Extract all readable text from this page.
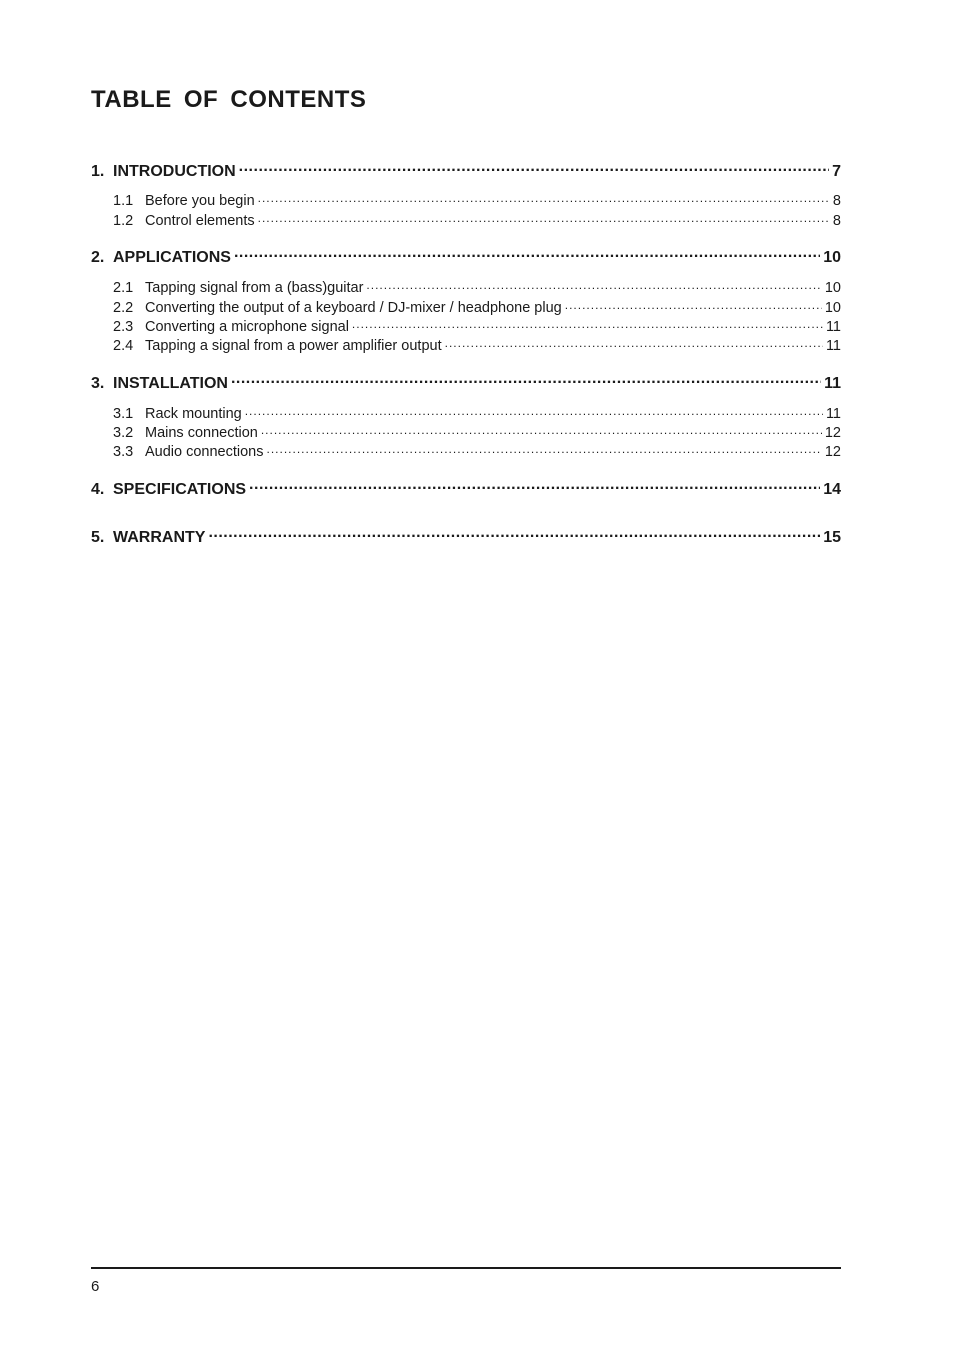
TABLE OF CONTENTS
1. INTRODUCTION .....	7
1.1 Before you begin .....	8
1.2 Control elements .....	8
2. APPLICATIONS .....	10
2.1 Tapping signal from a (bass)guitar .....	10
2.2 Converting the output of a keyboard / DJ-mixer / headphone plug .....	10
2.3 Converting a microphone signal .....	11
2.4 Tapping a signal from a power amplifier output .....	11
3. INSTALLATION .....	11
3.1 Rack mounting .....	11
3.2 Mains connection .....	12
3.3 Audio connections .....	12
4. SPECIFICATIONS .....	14
5. WARRANTY .....	15
6
